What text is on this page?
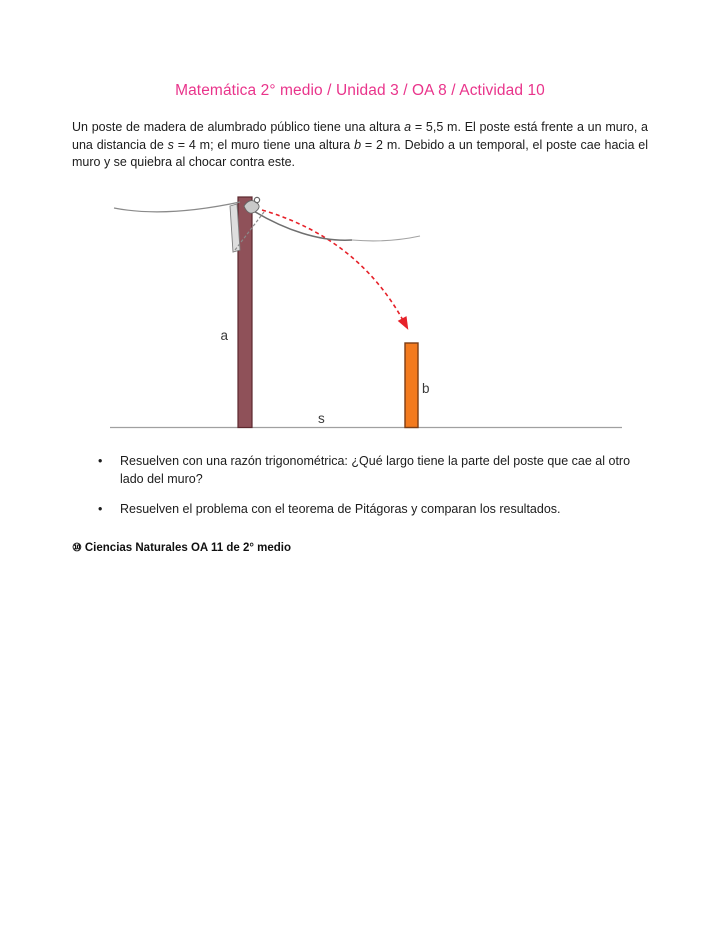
Matemática 2° medio / Unidad 3 / OA 8 / Actividad 10

Un poste de madera de alumbrado público tiene una altura a = 5,5 m. El poste está frente a un muro, a una distancia de s = 4 m; el muro tiene una altura b = 2 m. Debido a un temporal, el poste cae hacia el muro y se quiebra al chocar contra este.

a
b
s
• Resuelven con una razón trigonométrica: ¿Qué largo tiene la parte del poste que cae al otro lado del muro?
• Resuelven el problema con el teorema de Pitágoras y comparan los resultados.

⑩ Ciencias Naturales OA 11 de 2° medio
